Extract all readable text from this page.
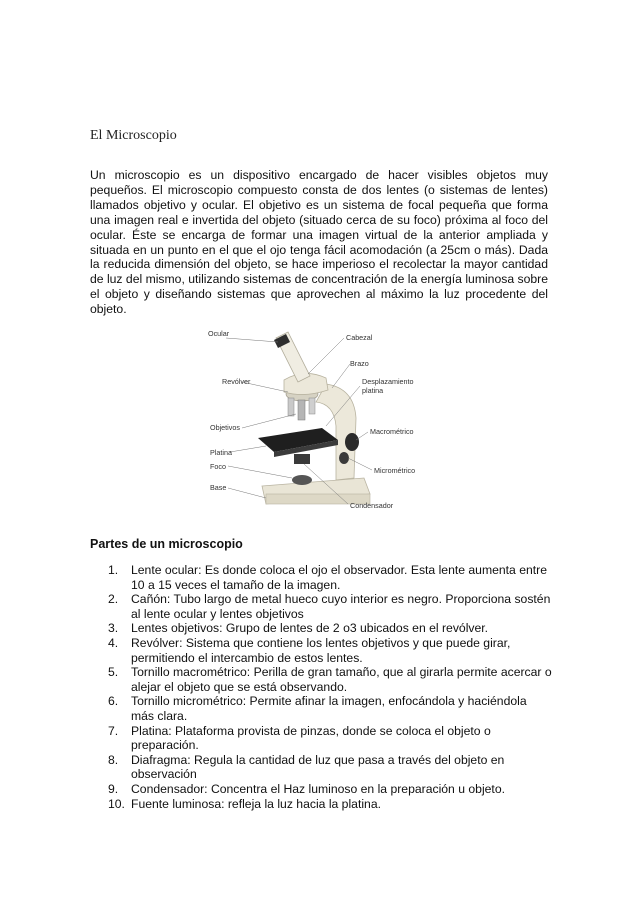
El Microscopio

Un microscopio es un dispositivo encargado de hacer visibles objetos muy pequeños. El microscopio compuesto consta de dos lentes (o sistemas de lentes) llamados objetivo y ocular. El objetivo es un sistema de focal pequeña que forma una imagen real e invertida del objeto (situado cerca de su foco) próxima al foco del ocular. Éste se encarga de formar una imagen virtual de la anterior ampliada y situada en un punto en el que el ojo tenga fácil acomodación (a 25cm o más). Dada la reducida dimensión del objeto, se hace imperioso el recolectar la mayor cantidad de luz del mismo, utilizando sistemas de concentración de la energía luminosa sobre el objeto y diseñando sistemas que aprovechen al máximo la luz procedente del objeto.

Ocular	Cabezal
Brazo
Revólver	Desplazamiento
platina
Objetivos	Macrométrico
Platina
Foco	Micrométrico
Base
Condensador
Partes de un microscopio
1.	Lente ocular: Es donde coloca el ojo el observador. Esta lente aumenta entre 10 a 15 veces el tamaño de la imagen.
2.	Cañón: Tubo largo de metal hueco cuyo interior es negro. Proporciona sostén al lente ocular y lentes objetivos
3.	Lentes objetivos: Grupo de lentes de 2 o3 ubicados en el revólver.
4.	Revólver: Sistema que contiene los lentes objetivos y que puede girar, permitiendo el intercambio de estos lentes.
5.	Tornillo macrométrico: Perilla de gran tamaño, que al girarla permite acercar o alejar el objeto que se está observando.
6.	Tornillo micrométrico: Permite afinar la imagen, enfocándola y haciéndola más clara.
7.	Platina: Plataforma provista de pinzas, donde se coloca el objeto o preparación.
8.	Diafragma: Regula la cantidad de luz que pasa a través del objeto en observación
9.	Condensador: Concentra el Haz luminoso en la preparación u objeto.
10. Fuente luminosa: refleja la luz hacia la platina.
